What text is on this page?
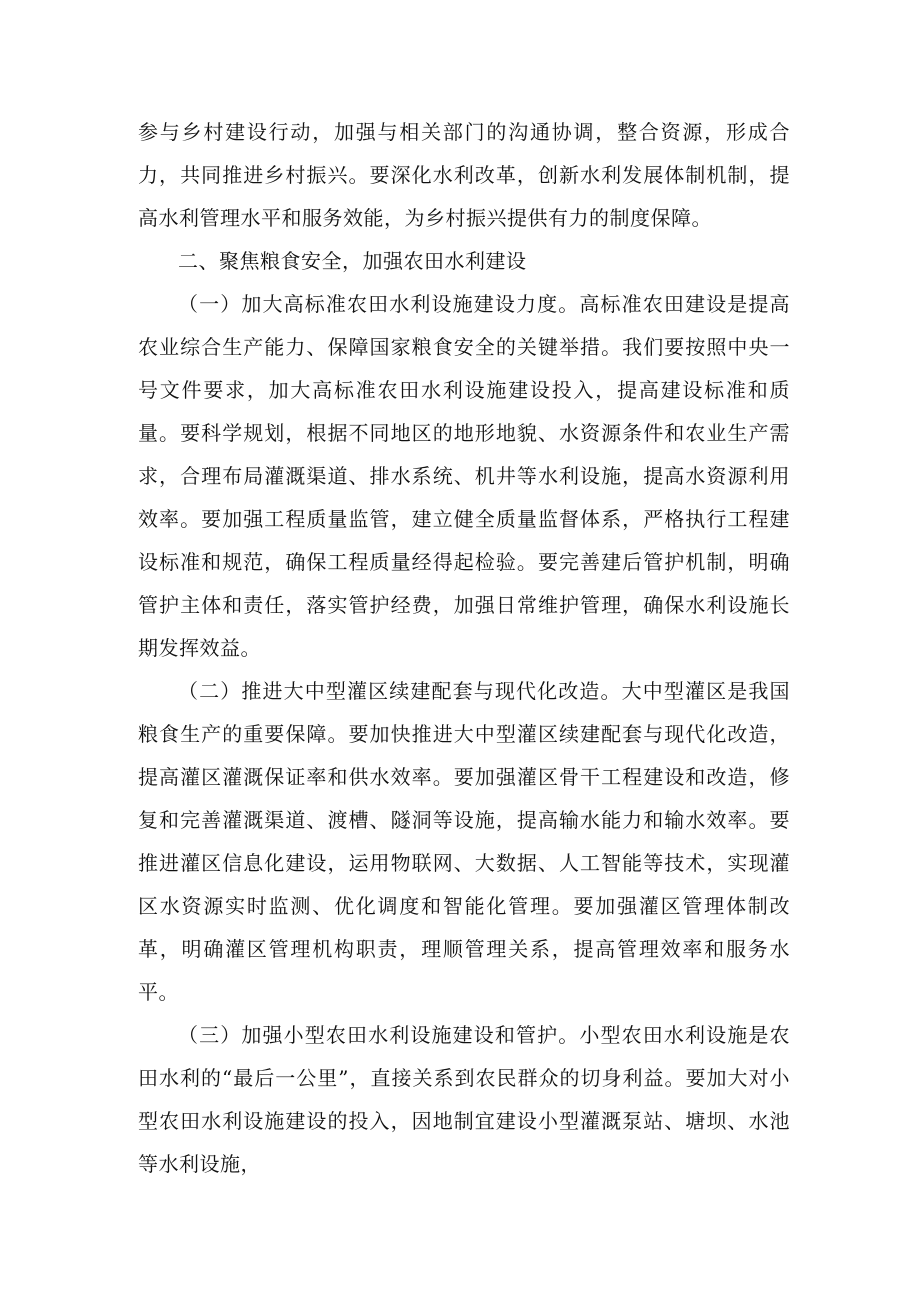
参与乡村建设行动，加强与相关部门的沟通协调，整合资源，形成合力，共同推进乡村振兴。要深化水利改革，创新水利发展体制机制，提高水利管理水平和服务效能，为乡村振兴提供有力的制度保障。

二、聚焦粮食安全，加强农田水利建设

（一）加大高标准农田水利设施建设力度。高标准农田建设是提高农业综合生产能力、保障国家粮食安全的关键举措。我们要按照中央一号文件要求，加大高标准农田水利设施建设投入，提高建设标准和质量。要科学规划，根据不同地区的地形地貌、水资源条件和农业生产需求，合理布局灌溉渠道、排水系统、机井等水利设施，提高水资源利用效率。要加强工程质量监管，建立健全质量监督体系，严格执行工程建设标准和规范，确保工程质量经得起检验。要完善建后管护机制，明确管护主体和责任，落实管护经费，加强日常维护管理，确保水利设施长期发挥效益。

（二）推进大中型灌区续建配套与现代化改造。大中型灌区是我国粮食生产的重要保障。要加快推进大中型灌区续建配套与现代化改造，提高灌区灌溉保证率和供水效率。要加强灌区骨干工程建设和改造，修复和完善灌溉渠道、渡槽、隧洞等设施，提高输水能力和输水效率。要推进灌区信息化建设，运用物联网、大数据、人工智能等技术，实现灌区水资源实时监测、优化调度和智能化管理。要加强灌区管理体制改革，明确灌区管理机构职责，理顺管理关系，提高管理效率和服务水平。

（三）加强小型农田水利设施建设和管护。小型农田水利设施是农田水利的“最后一公里”，直接关系到农民群众的切身利益。要加大对小型农田水利设施建设的投入，因地制宜建设小型灌溉泵站、塘坝、水池等水利设施，
